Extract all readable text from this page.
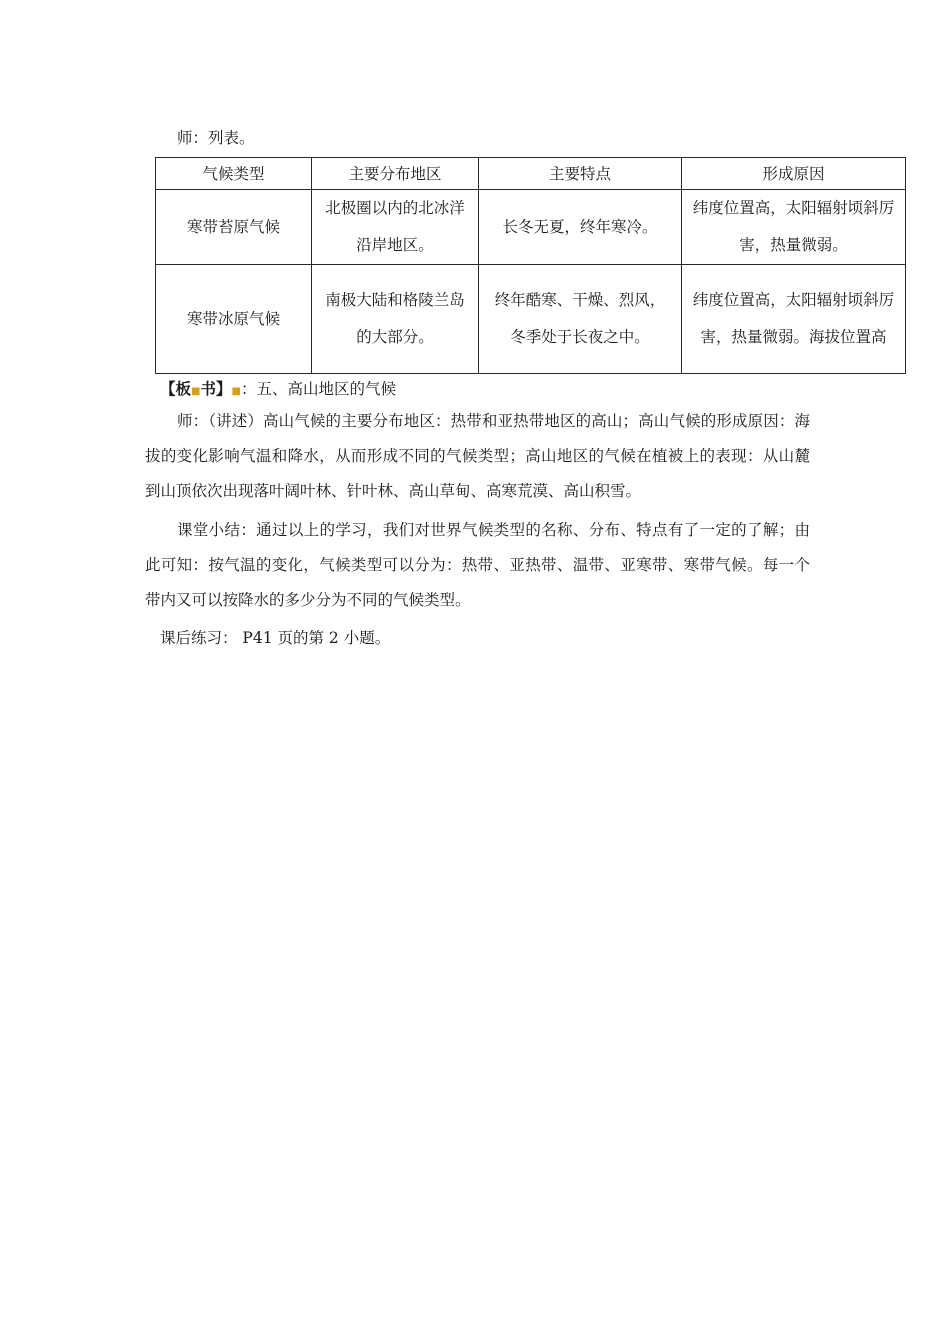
师：列表。

气候类型	主要分布地区	主要特点	形成原因
寒带苔原气候	北极圈以内的北冰洋沿岸地区。	长冬无夏，终年寒冷。	纬度位置高，太阳辐射顷斜厉害，热量微弱。
寒带冰原气候	南极大陆和格陵兰岛的大部分。	终年酷寒、干燥、烈风，冬季处于长夜之中。	纬度位置高，太阳辐射顷斜厉害，热量微弱。海拔位置高

【板■书】■：五、高山地区的气候

师：（讲述）高山气候的主要分布地区：热带和亚热带地区的高山；高山气候的形成原因：海拔的变化影响气温和降水，从而形成不同的气候类型；高山地区的气候在植被上的表现：从山麓到山顶依次出现落叶阔叶林、针叶林、高山草甸、高寒荒漠、高山积雪。

课堂小结：通过以上的学习，我们对世界气候类型的名称、分布、特点有了一定的了解；由此可知：按气温的变化，气候类型可以分为：热带、亚热带、温带、亚寒带、寒带气候。每一个带内又可以按降水的多少分为不同的气候类型。

课后练习： P41 页的第 2 小题。
